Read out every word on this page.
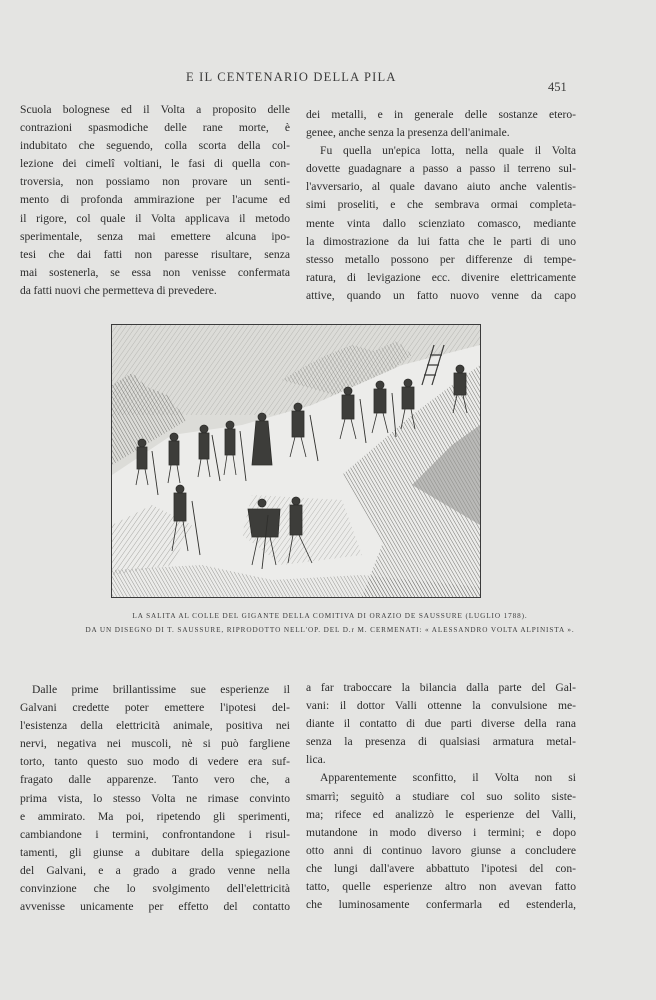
E IL CENTENARIO DELLA PILA
451
Scuola bolognese ed il Volta a proposito delle
contrazioni spasmodiche delle rane morte, è
indubitato che seguendo, colla scorta della col-
lezione dei cimelî voltiani, le fasi di quella con-
troversia, non possiamo non provare un senti-
mento di profonda ammirazione per l'acume ed
il rigore, col quale il Volta applicava il metodo
sperimentale, senza mai emettere alcuna ipo-
tesi che dai fatti non paresse risultare, senza
mai sostenerla, se essa non venisse confermata
da fatti nuovi che permetteva di prevedere.
dei metalli, e in generale delle sostanze etero-
genee, anche senza la presenza dell'animale.
Fu quella un'epica lotta, nella quale il Volta
dovette guadagnare a passo a passo il terreno sul-
l'avversario, al quale davano aiuto anche valentis-
simi proseliti, e che sembrava ormai completa-
mente vinta dallo scienziato comasco, mediante
la dimostrazione da lui fatta che le parti di uno
stesso metallo possono per differenze di tempe-
ratura, di levigazione ecc. divenire elettricamente
attive, quando un fatto nuovo venne da capo
LA SALITA AL COLLE DEL GIGANTE DELLA COMITIVA DI ORAZIO DE SAUSSURE (LUGLIO 1788).
DA UN DISEGNO DI T. SAUSSURE, RIPRODOTTO NELL'OP. DEL D.r M. CERMENATI: « ALESSANDRO VOLTA ALPINISTA ».
Dalle prime brillantissime sue esperienze il
Galvani credette poter emettere l'ipotesi del-
l'esistenza della elettricità animale, positiva nei
nervi, negativa nei muscoli, nè si può fargliene
torto, tanto questo suo modo di vedere era suf-
fragato dalle apparenze. Tanto vero che, a
prima vista, lo stesso Volta ne rimase convinto
e ammirato. Ma poi, ripetendo gli sperimenti,
cambiandone i termini, confrontandone i risul-
tamenti, gli giunse a dubitare della spiegazione
del Galvani, e a grado a grado venne nella
convinzione che lo svolgimento dell'elettricità
avvenisse unicamente per effetto del contatto
a far traboccare la bilancia dalla parte del Gal-
vani: il dottor Valli ottenne la convulsione me-
diante il contatto di due parti diverse della rana
senza la presenza di qualsiasi armatura metal-
lica.
Apparentemente sconfitto, il Volta non si
smarrì; seguitò a studiare col suo solito siste-
ma; rifece ed analizzò le esperienze del Valli,
mutandone in modo diverso i termini; e dopo
otto anni di continuo lavoro giunse a concludere
che lungi dall'avere abbattuto l'ipotesi del con-
tatto, quelle esperienze altro non avevan fatto
che luminosamente confermarla ed estenderla,
